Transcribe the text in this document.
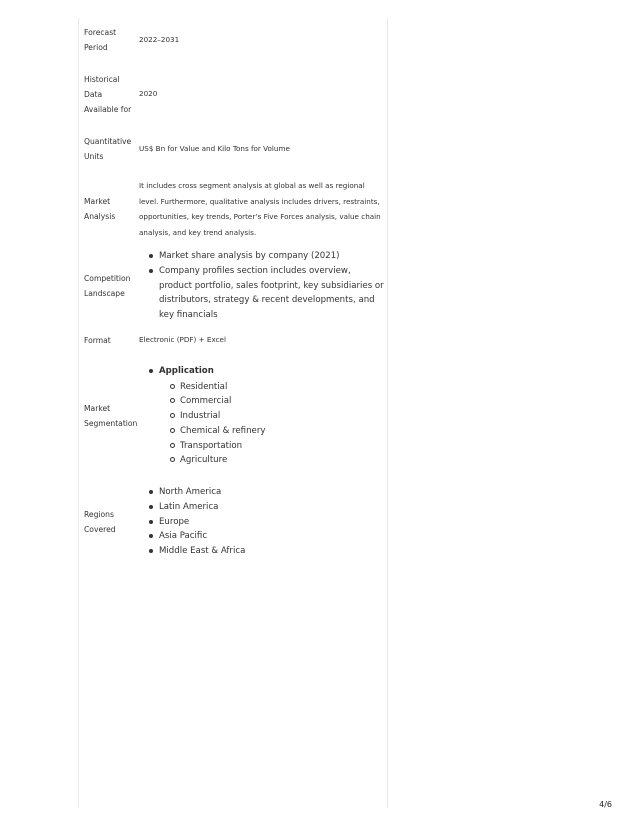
Forecast Period
2022–2031
Historical Data Available for
2020
Quantitative Units
US$ Bn for Value and Kilo Tons for Volume
Market Analysis
It includes cross segment analysis at global as well as regional level. Furthermore, qualitative analysis includes drivers, restraints, opportunities, key trends, Porter’s Five Forces analysis, value chain analysis, and key trend analysis.
Competition Landscape
Market share analysis by company (2021)
Company profiles section includes overview, product portfolio, sales footprint, key subsidiaries or distributors, strategy & recent developments, and key financials
Format	Electronic (PDF) + Excel
Market Segmentation
Application
Residential
Commercial
Industrial
Chemical & refinery
Transportation
Agriculture
Regions Covered
North America
Latin America
Europe
Asia Pacific
Middle East & Africa
4/6
